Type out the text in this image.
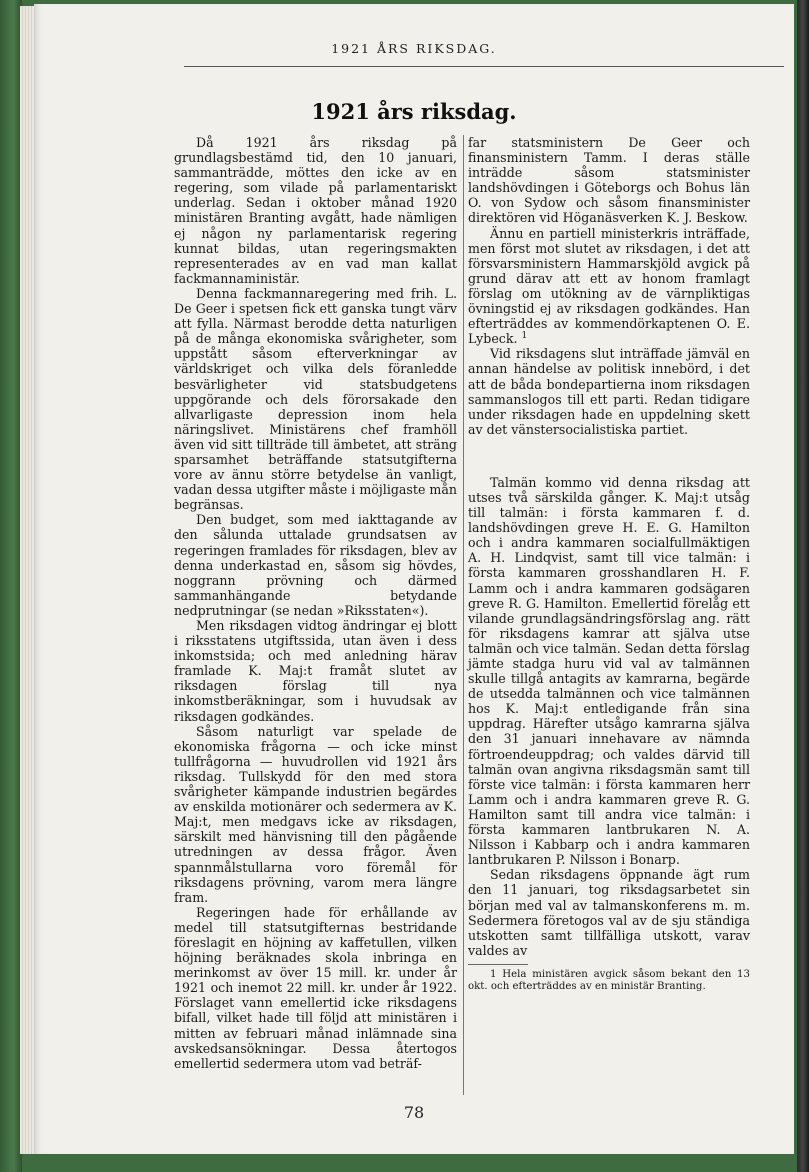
1921 ÅRS RIKSDAG.
1921 års riksdag.

Då 1921 års riksdag på grundlagsbestämd tid, den 10 januari, sammanträdde, möttes den icke av en regering, som vilade på parlamentariskt underlag. Sedan i oktober månad 1920 ministären Branting avgått, hade nämligen ej någon ny parlamentarisk regering kunnat bildas, utan regeringsmakten representerades av en vad man kallat fackmannaministär.

Denna fackmannaregering med frih. L. De Geer i spetsen fick ett ganska tungt värv att fylla. Närmast berodde detta naturligen på de många ekonomiska svårigheter, som uppstått såsom efterverkningar av världskriget och vilka dels föranledde besvärligheter vid statsbudgetens uppgörande och dels förorsakade den allvarligaste depression inom hela näringslivet. Ministärens chef framhöll även vid sitt tillträde till ämbetet, att sträng sparsamhet beträffande statsutgifterna vore av ännu större betydelse än vanligt, vadan dessa utgifter måste i möjligaste mån begränsas.

Den budget, som med iakttagande av den sålunda uttalade grundsatsen av regeringen framlades för riksdagen, blev av denna underkastad en, såsom sig hövdes, noggrann prövning och därmed sammanhängande betydande nedprutningar (se nedan »Riksstaten«).

Men riksdagen vidtog ändringar ej blott i riksstatens utgiftssida, utan även i dess inkomstsida; och med anledning härav framlade K. Maj:t framåt slutet av riksdagen förslag till nya inkomstberäkningar, som i huvudsak av riksdagen godkändes.

Såsom naturligt var spelade de ekonomiska frågorna — och icke minst tullfrågorna — huvudrollen vid 1921 års riksdag. Tullskydd för den med stora svårigheter kämpande industrien begärdes av enskilda motionärer och sedermera av K. Maj:t, men medgavs icke av riksdagen, särskilt med hänvisning till den pågående utredningen av dessa frågor. Även spannmålstullarna voro föremål för riksdagens prövning, varom mera längre fram.

Regeringen hade för erhållande av medel till statsutgifternas bestridande föreslagit en höjning av kaffetullen, vilken höjning beräknades skola inbringa en merinkomst av över 15 mill. kr. under år 1921 och inemot 22 mill. kr. under år 1922. Förslaget vann emellertid icke riksdagens bifall, vilket hade till följd att ministären i mitten av februari månad inlämnade sina avskedsansökningar. Dessa återtogos emellertid sedermera utom vad beträf-

far statsministern De Geer och finansministern Tamm. I deras ställe inträdde såsom statsminister landshövdingen i Göteborgs och Bohus län O. von Sydow och såsom finansminister direktören vid Höganäsverken K. J. Beskow.

Ännu en partiell ministerkris inträffade, men först mot slutet av riksdagen, i det att försvarsministern Hammarskjöld avgick på grund därav att ett av honom framlagt förslag om utökning av de värnpliktigas övningstid ej av riksdagen godkändes. Han efterträddes av kommendörkaptenen O. E. Lybeck. $^1$

Vid riksdagens slut inträffade jämväl en annan händelse av politisk innebörd, i det att de båda bondepartierna inom riksdagen sammanslogos till ett parti. Redan tidigare under riksdagen hade en uppdelning skett av det vänstersocialistiska partiet.

Talmän kommo vid denna riksdag att utses två särskilda gånger. K. Maj:t utsåg till talmän: i första kammaren f. d. landshövdingen greve H. E. G. Hamilton och i andra kammaren socialfullmäktigen A. H. Lindqvist, samt till vice talmän: i första kammaren grosshandlaren H. F. Lamm och i andra kammaren godsägaren greve R. G. Hamilton. Emellertid förelåg ett vilande grundlagsändringsförslag ang. rätt för riksdagens kamrar att själva utse talmän och vice talmän. Sedan detta förslag jämte stadga huru vid val av talmännen skulle tillgå antagits av kamrarna, begärde de utsedda talmännen och vice talmännen hos K. Maj:t entledigande från sina uppdrag. Härefter utsågo kamrarna själva den 31 januari innehavare av nämnda förtroendeuppdrag; och valdes därvid till talmän ovan angivna riksdagsmän samt till förste vice talmän: i första kammaren herr Lamm och i andra kammaren greve R. G. Hamilton samt till andra vice talmän: i första kammaren lantbrukaren N. A. Nilsson i Kabbarp och i andra kammaren lantbrukaren P. Nilsson i Bonarp.

Sedan riksdagens öppnande ägt rum den 11 januari, tog riksdagsarbetet sin början med val av talmanskonferens m. m. Sedermera företogos val av de sju ständiga utskotten samt tillfälliga utskott, varav valdes av

1 Hela ministären avgick såsom bekant den 13 okt. och efterträddes av en ministär Branting.

78
